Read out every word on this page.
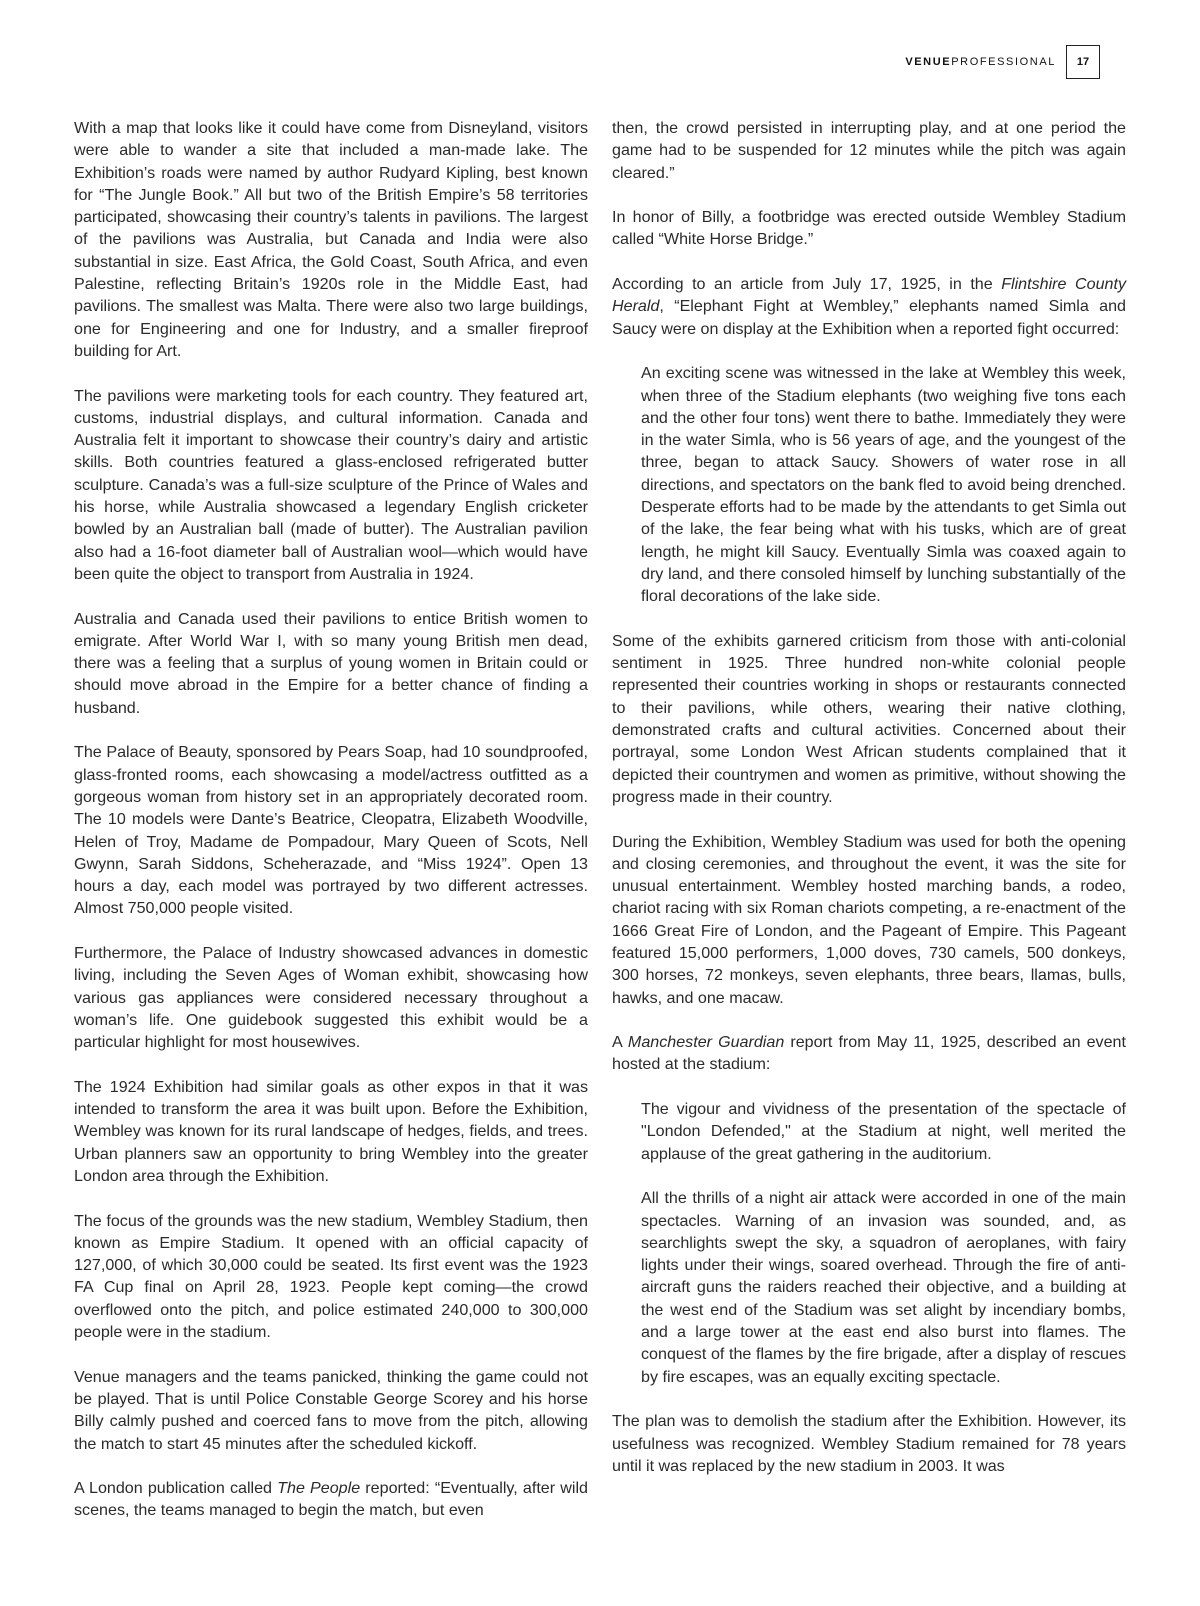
VENUEPROFESSIONAL	17

With a map that looks like it could have come from Disneyland, visitors were able to wander a site that included a man-made lake. The Exhibition’s roads were named by author Rudyard Kipling, best known for “The Jungle Book.” All but two of the British Empire’s 58 territories participated, showcasing their country’s talents in pavilions. The largest of the pavilions was Australia, but Canada and India were also substantial in size. East Africa, the Gold Coast, South Africa, and even Palestine, reflecting Britain’s 1920s role in the Middle East, had pavilions. The smallest was Malta. There were also two large buildings, one for Engineering and one for Industry, and a smaller fireproof building for Art.

The pavilions were marketing tools for each country. They featured art, customs, industrial displays, and cultural information. Canada and Australia felt it important to showcase their country’s dairy and artistic skills. Both countries featured a glass-enclosed refrigerated butter sculpture. Canada’s was a full-size sculpture of the Prince of Wales and his horse, while Australia showcased a legendary English cricketer bowled by an Australian ball (made of butter). The Australian pavilion also had a 16-foot diameter ball of Australian wool—which would have been quite the object to transport from Australia in 1924.

Australia and Canada used their pavilions to entice British women to emigrate. After World War I, with so many young British men dead, there was a feeling that a surplus of young women in Britain could or should move abroad in the Empire for a better chance of finding a husband.

The Palace of Beauty, sponsored by Pears Soap, had 10 soundproofed, glass-fronted rooms, each showcasing a model/actress outfitted as a gorgeous woman from history set in an appropriately decorated room. The 10 models were Dante’s Beatrice, Cleopatra, Elizabeth Woodville, Helen of Troy, Madame de Pompadour, Mary Queen of Scots, Nell Gwynn, Sarah Siddons, Scheherazade, and “Miss 1924”. Open 13 hours a day, each model was portrayed by two different actresses. Almost 750,000 people visited.

Furthermore, the Palace of Industry showcased advances in domestic living, including the Seven Ages of Woman exhibit, showcasing how various gas appliances were considered necessary throughout a woman’s life. One guidebook suggested this exhibit would be a particular highlight for most housewives.

The 1924 Exhibition had similar goals as other expos in that it was intended to transform the area it was built upon. Before the Exhibition, Wembley was known for its rural landscape of hedges, fields, and trees. Urban planners saw an opportunity to bring Wembley into the greater London area through the Exhibition.

The focus of the grounds was the new stadium, Wembley Stadium, then known as Empire Stadium. It opened with an official capacity of 127,000, of which 30,000 could be seated. Its first event was the 1923 FA Cup final on April 28, 1923. People kept coming—the crowd overflowed onto the pitch, and police estimated 240,000 to 300,000 people were in the stadium.

Venue managers and the teams panicked, thinking the game could not be played. That is until Police Constable George Scorey and his horse Billy calmly pushed and coerced fans to move from the pitch, allowing the match to start 45 minutes after the scheduled kickoff.

A London publication called The People reported: “Eventually, after wild scenes, the teams managed to begin the match, but even

then, the crowd persisted in interrupting play, and at one period the game had to be suspended for 12 minutes while the pitch was again cleared.”

In honor of Billy, a footbridge was erected outside Wembley Stadium called “White Horse Bridge.”

According to an article from July 17, 1925, in the Flintshire County Herald, “Elephant Fight at Wembley,” elephants named Simla and Saucy were on display at the Exhibition when a reported fight occurred:

An exciting scene was witnessed in the lake at Wembley this week, when three of the Stadium elephants (two weighing five tons each and the other four tons) went there to bathe. Immediately they were in the water Simla, who is 56 years of age, and the youngest of the three, began to attack Saucy. Showers of water rose in all directions, and spectators on the bank fled to avoid being drenched. Desperate efforts had to be made by the attendants to get Simla out of the lake, the fear being what with his tusks, which are of great length, he might kill Saucy. Eventually Simla was coaxed again to dry land, and there consoled himself by lunching substantially of the floral decorations of the lake side.

Some of the exhibits garnered criticism from those with anti-colonial sentiment in 1925. Three hundred non-white colonial people represented their countries working in shops or restaurants connected to their pavilions, while others, wearing their native clothing, demonstrated crafts and cultural activities. Concerned about their portrayal, some London West African students complained that it depicted their countrymen and women as primitive, without showing the progress made in their country.

During the Exhibition, Wembley Stadium was used for both the opening and closing ceremonies, and throughout the event, it was the site for unusual entertainment. Wembley hosted marching bands, a rodeo, chariot racing with six Roman chariots competing, a re-enactment of the 1666 Great Fire of London, and the Pageant of Empire. This Pageant featured 15,000 performers, 1,000 doves, 730 camels, 500 donkeys, 300 horses, 72 monkeys, seven elephants, three bears, llamas, bulls, hawks, and one macaw.

A Manchester Guardian report from May 11, 1925, described an event hosted at the stadium:

The vigour and vividness of the presentation of the spectacle of "London Defended," at the Stadium at night, well merited the applause of the great gathering in the auditorium.

All the thrills of a night air attack were accorded in one of the main spectacles. Warning of an invasion was sounded, and, as searchlights swept the sky, a squadron of aeroplanes, with fairy lights under their wings, soared overhead. Through the fire of anti-aircraft guns the raiders reached their objective, and a building at the west end of the Stadium was set alight by incendiary bombs, and a large tower at the east end also burst into flames. The conquest of the flames by the fire brigade, after a display of rescues by fire escapes, was an equally exciting spectacle.

The plan was to demolish the stadium after the Exhibition. However, its usefulness was recognized. Wembley Stadium remained for 78 years until it was replaced by the new stadium in 2003. It was
